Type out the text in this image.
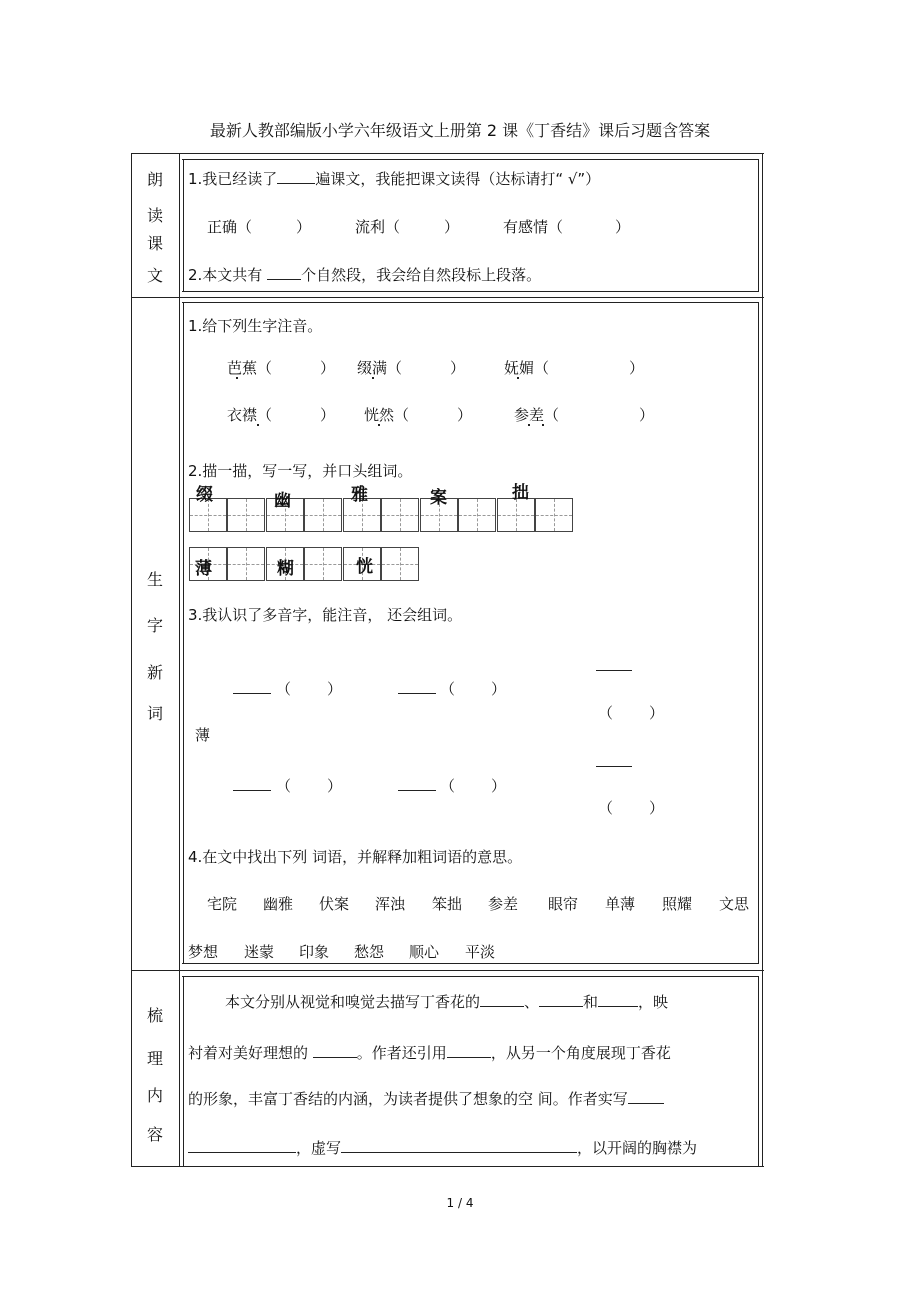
最新人教部编版小学六年级语文上册第 2 课《丁香结》课后习题含答案
朗
读
课
文
1.我已经读了	遍课文，我能把课文读得（达标请打“ √”）
正确（	）	流利（	）	有感情（	）
2.本文共有	个自然段，我会给自然段标上段落。
生
字
新
词
1.给下列生字注音。
芭蕉（	） 缀满（	）	妩媚（	）
衣襟（	） 恍然（	）	参差（	）
2.描一描，写一写，并口头组词。
缀	幽	雅	案	拙
薄	糊	恍
3.我认识了多音字，能注音， 还会组词。
薄
（ ）	（ ）
（ ）
（ ）	（ ）
（ ）
4.在文中找出下列 词语，并解释加粗词语的意思。
宅院 幽雅 伏案 浑浊 笨拙 参差 眼帘 单薄 照耀 文思
梦想 迷蒙 印象 愁怨 顺心 平淡
梳
理
内
容
本文分别从视觉和嗅觉去描写丁香花的	、	和	，映
衬着对美好理想的	。作者还引用	，从另一个角度展现丁香花
的形象，丰富丁香结的内涵，为读者提供了想象的空 间。作者实写
，虚写	，以开阔的胸襟为
1 / 4
